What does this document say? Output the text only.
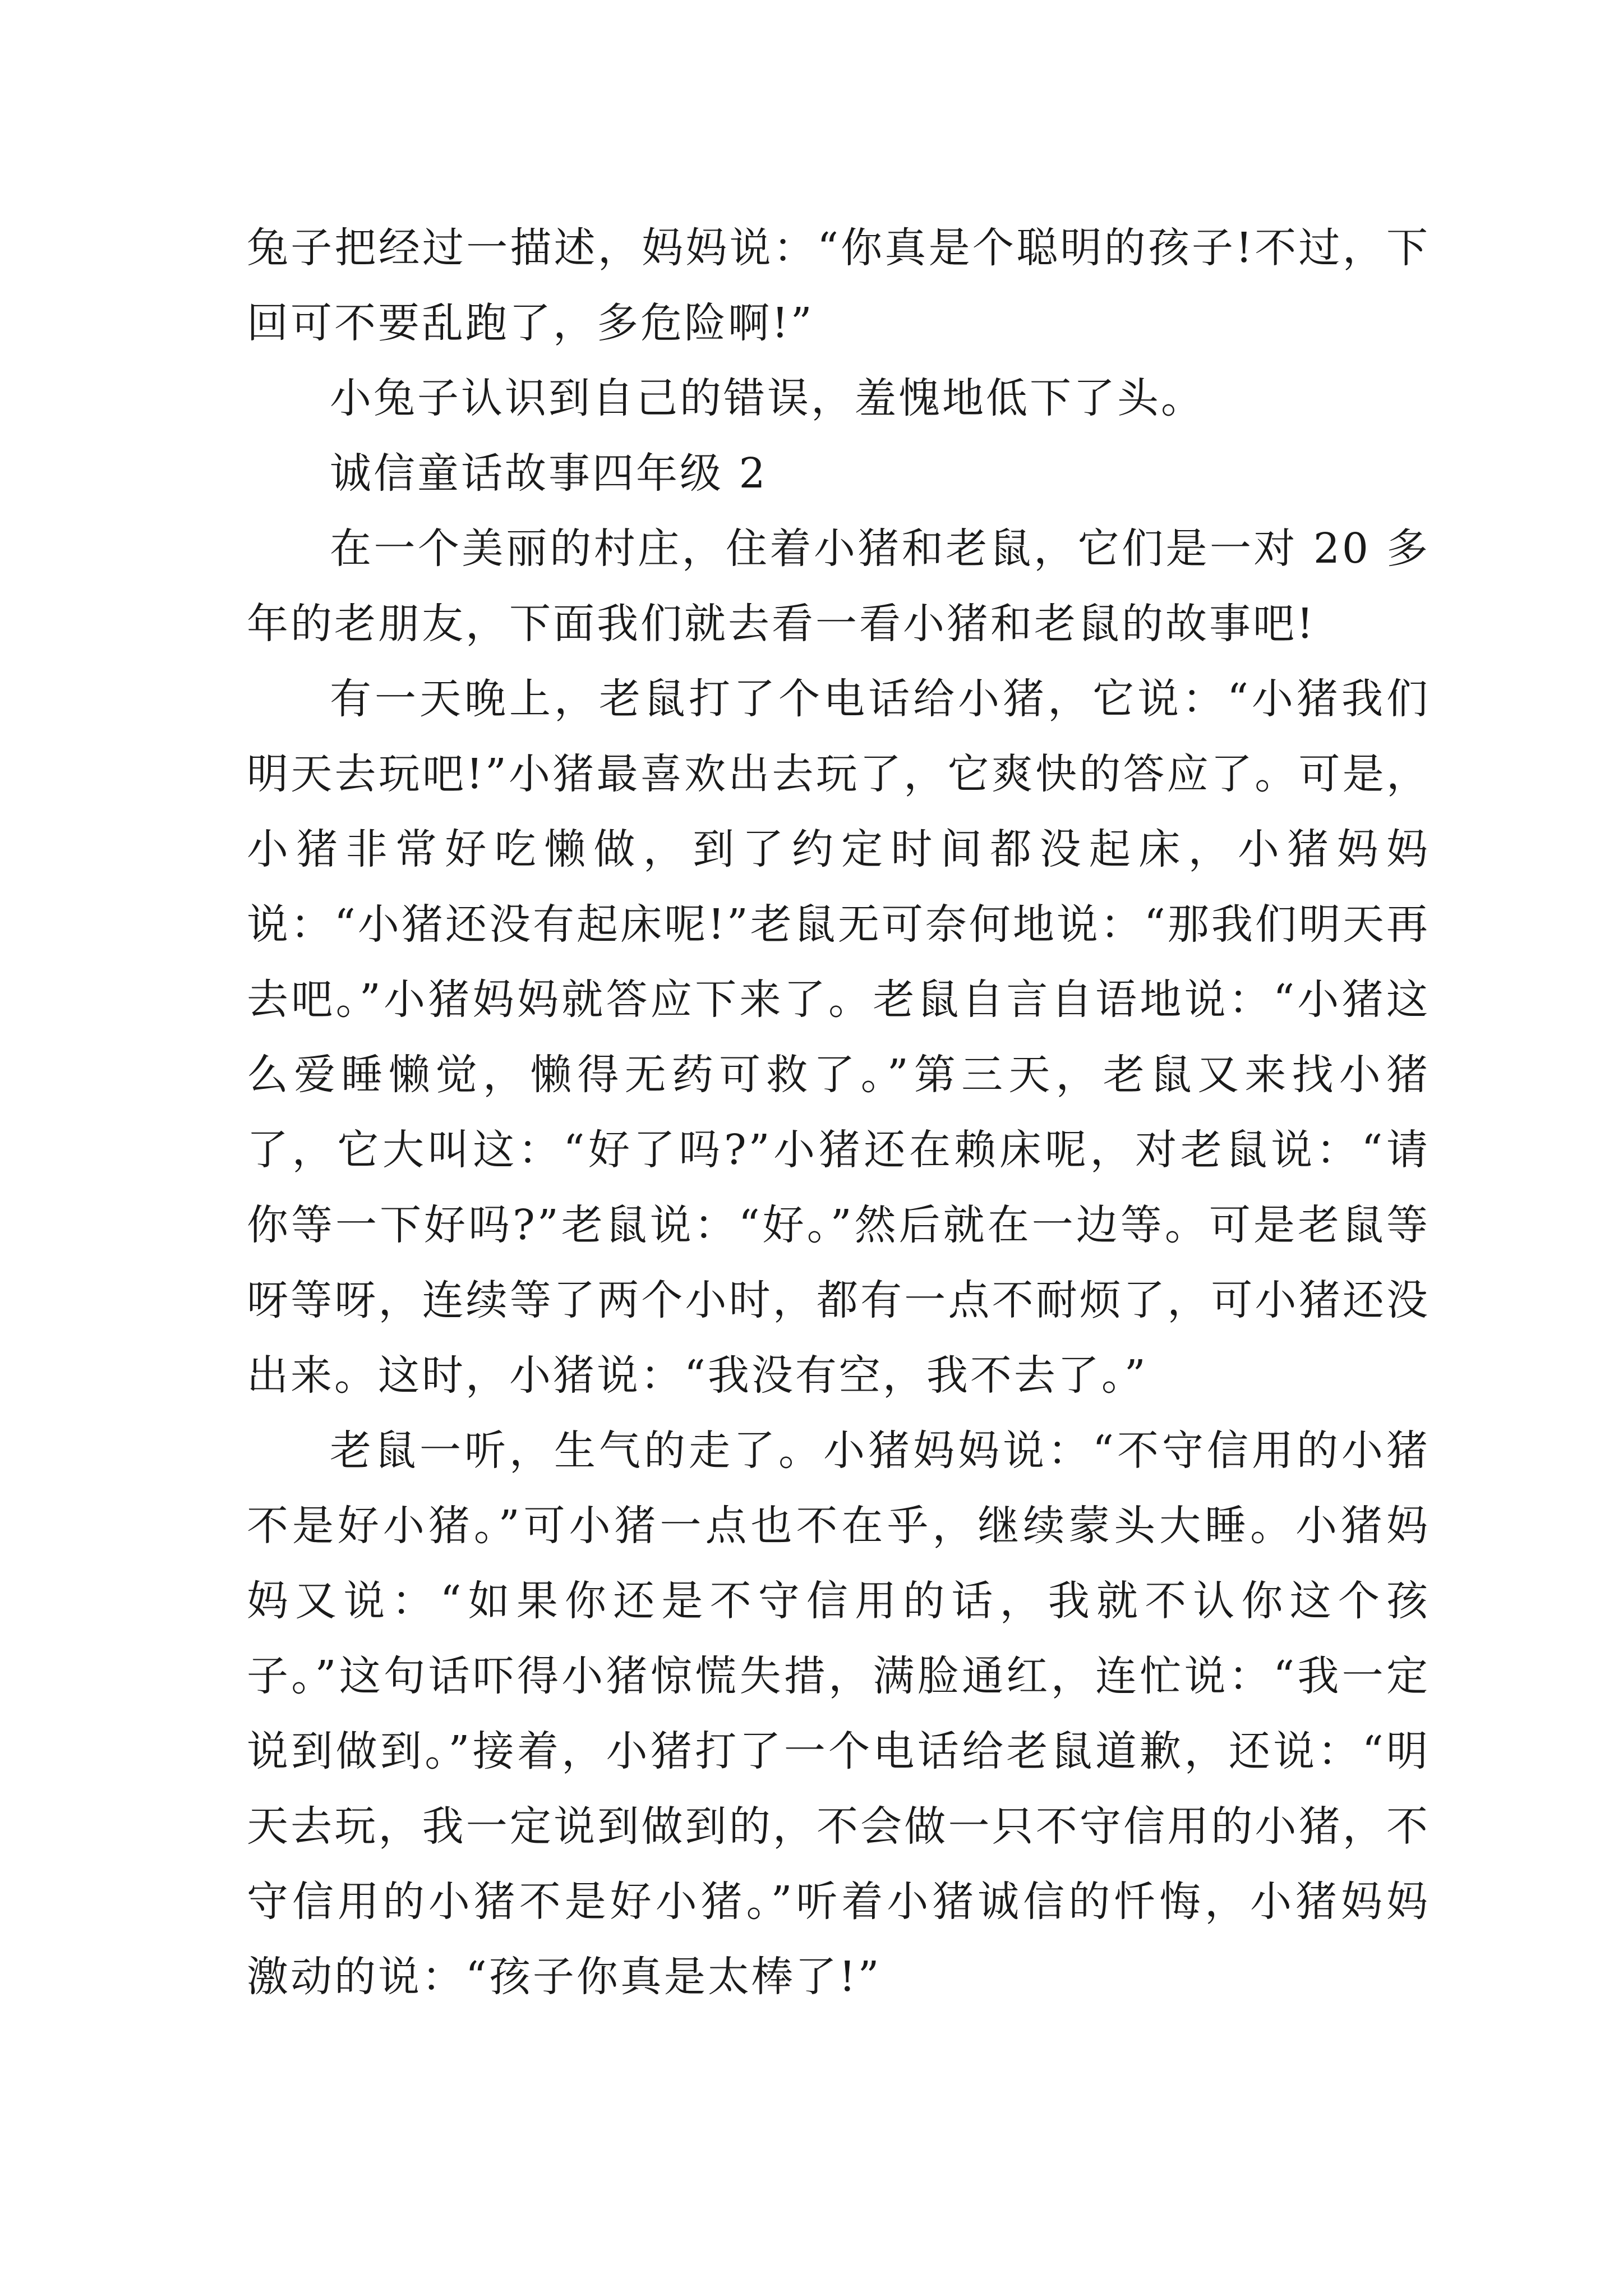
兔子把经过一描述，妈妈说：“你真是个聪明的孩子!不过，下回可不要乱跑了，多危险啊!”

小兔子认识到自己的错误，羞愧地低下了头。

诚信童话故事四年级 2

在一个美丽的村庄，住着小猪和老鼠，它们是一对 20 多年的老朋友，下面我们就去看一看小猪和老鼠的故事吧!

有一天晚上，老鼠打了个电话给小猪，它说：“小猪我们明天去玩吧!”小猪最喜欢出去玩了，它爽快的答应了。可是，小猪非常好吃懒做，到了约定时间都没起床，小猪妈妈说：“小猪还没有起床呢!”老鼠无可奈何地说：“那我们明天再去吧。”小猪妈妈就答应下来了。老鼠自言自语地说：“小猪这么爱睡懒觉，懒得无药可救了。”第三天，老鼠又来找小猪了，它大叫这：“好了吗?”小猪还在赖床呢，对老鼠说：“请你等一下好吗?”老鼠说：“好。”然后就在一边等。可是老鼠等呀等呀，连续等了两个小时，都有一点不耐烦了，可小猪还没出来。这时，小猪说：“我没有空，我不去了。”

老鼠一听，生气的走了。小猪妈妈说：“不守信用的小猪不是好小猪。”可小猪一点也不在乎，继续蒙头大睡。小猪妈妈又说：“如果你还是不守信用的话，我就不认你这个孩子。”这句话吓得小猪惊慌失措，满脸通红，连忙说：“我一定说到做到。”接着，小猪打了一个电话给老鼠道歉，还说：“明天去玩，我一定说到做到的，不会做一只不守信用的小猪，不守信用的小猪不是好小猪。”听着小猪诚信的忏悔，小猪妈妈激动的说：“孩子你真是太棒了!”
